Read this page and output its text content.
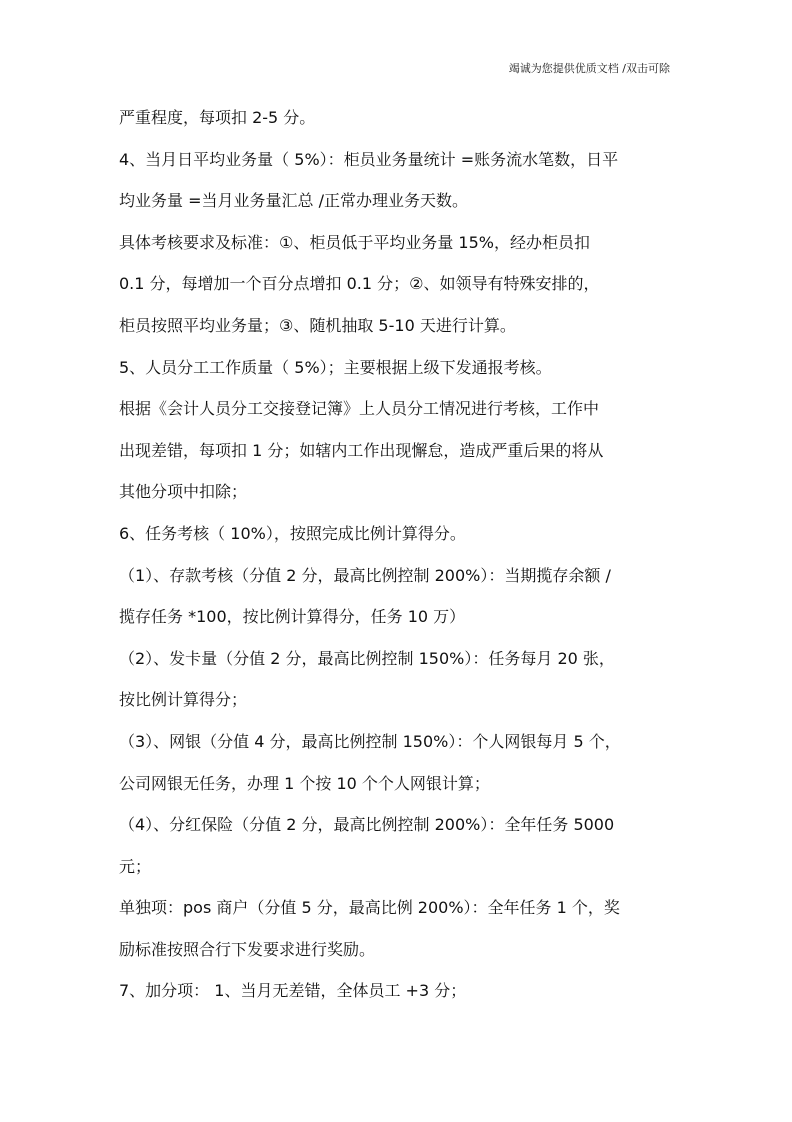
竭诚为您提供优质文档 /双击可除
严重程度，每项扣 2-5 分。
4、当月日平均业务量（ 5%）：柜员业务量统计 =账务流水笔数，日平
均业务量 =当月业务量汇总 /正常办理业务天数。
具体考核要求及标准：①、柜员低于平均业务量 15%，经办柜员扣
0.1 分，每增加一个百分点增扣 0.1 分；②、如领导有特殊安排的，
柜员按照平均业务量；③、随机抽取 5-10 天进行计算。
5、人员分工工作质量（ 5%）；主要根据上级下发通报考核。
根据《会计人员分工交接登记簿》上人员分工情况进行考核，工作中
出现差错，每项扣 1 分；如辖内工作出现懈怠，造成严重后果的将从
其他分项中扣除；
6、任务考核（ 10%），按照完成比例计算得分。
（1）、存款考核（分值 2 分，最高比例控制 200%）：当期揽存余额 /
揽存任务 *100，按比例计算得分，任务 10 万）
（2）、发卡量（分值 2 分，最高比例控制 150%）：任务每月 20 张，
按比例计算得分；
（3）、网银（分值 4 分，最高比例控制 150%）：个人网银每月 5 个，
公司网银无任务，办理 1 个按 10 个个人网银计算；
（4）、分红保险（分值 2 分，最高比例控制 200%）：全年任务 5000
元；
单独项：pos 商户（分值 5 分，最高比例 200%）：全年任务 1 个，奖
励标准按照合行下发要求进行奖励。
7、加分项： 1、当月无差错，全体员工 +3 分；
